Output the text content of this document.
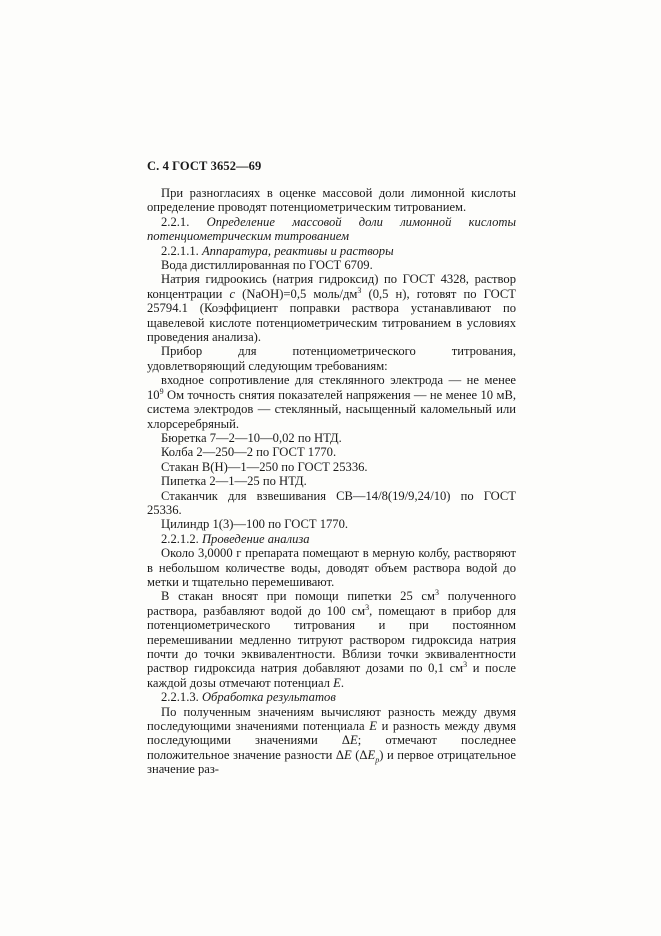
С. 4 ГОСТ 3652—69

При разногласиях в оценке массовой доли лимонной кислоты определение проводят потенциометрическим титрованием.

2.2.1. Определение массовой доли лимонной кислоты потенциометрическим титрованием

2.2.1.1. Аппаратура, реактивы и растворы

Вода дистиллированная по ГОСТ 6709.

Натрия гидроокись (натрия гидроксид) по ГОСТ 4328, раствор концентрации c (NaOH)=0,5 моль/$дм^3$ (0,5 н), готовят по ГОСТ 25794.1 (Коэффициент поправки раствора устанавливают по щавелевой кислоте потенциометрическим титрованием в условиях проведения анализа).

Прибор для потенциометрического титрования, удовлетворяющий следующим требованиям:

входное сопротивление для стеклянного электрода — не менее $10^9$ Ом точность снятия показателей напряжения — не менее 10 мВ, система электродов — стеклянный, насыщенный каломельный или хлорсеребряный.

Бюретка 7—2—10—0,02 по НТД.

Колба 2—250—2 по ГОСТ 1770.

Стакан В(Н)—1—250 по ГОСТ 25336.

Пипетка 2—1—25 по НТД.

Стаканчик для взвешивания СВ—14/8(19/9,24/10) по ГОСТ 25336.

Цилиндр 1(3)—100 по ГОСТ 1770.

2.2.1.2. Проведение анализа

Около 3,0000 г препарата помещают в мерную колбу, растворяют в небольшом количестве воды, доводят объем раствора водой до метки и тщательно перемешивают.

В стакан вносят при помощи пипетки 25 $см^3$ полученного раствора, разбавляют водой до 100 $см^3$, помещают в прибор для потенциометрического титрования и при постоянном перемешивании медленно титруют раствором гидроксида натрия почти до точки эквивалентности. Вблизи точки эквивалентности раствор гидроксида натрия добавляют дозами по 0,1 $см^3$ и после каждой дозы отмечают потенциал E.

2.2.1.3. Обработка результатов

По полученным значениям вычисляют разность между двумя последующими значениями потенциала E и разность между двумя последующими значениями ΔE; отмечают последнее положительное значение разности ΔE $(\Delta E_p)$ и первое отрицательное значение раз-
